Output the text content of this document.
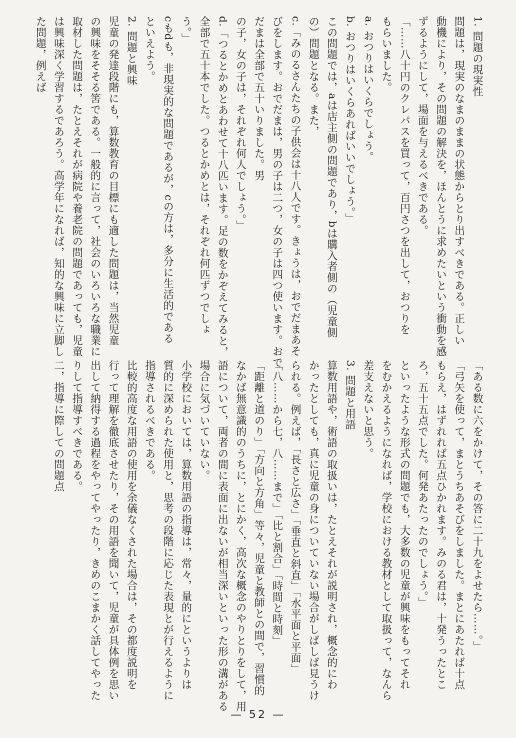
1. 問題の現実性
問題は，現実のなまのままの状態からとり出すべきである。正しい
動機により，その問題の解決を，ほんとうに求めたいという衝動を感
ずるようにして，場面を与えるべきである。
「……八十円のクレパスを買って，百円さつを出して，おつりを
もらいました。
a. おつりはいくらでしょう。
b. おつりはいくらあればいいでしょう。」
この問題では，aは店主側の問題であり，bは購入者側の（児童側
の）問題となる。また，
c.「みのるさんたちの子供会は十八人です。きょうは，おでだまあそ
びをします。おでだまは，男の子は二つ，女の子は四つ使います。おで
だまは全部で五十いりました。男
の子，女の子は，それぞれ何人でしょう。」
d.「つるとかめとあわせて十八匹います。足の数をかぞえてみると，
全部で五十本でした。つるとかめとは，それぞれ何匹ずつでしょ
う。」
cもdも，非現実的な問題であるが，cの方は，多分に生活的である
といえよう。
2. 問題と興味
児童の発達段階にも，算数教育の目標にも適した問題は，当然児童
の興味をそそる筈である。一般的に言って，社会のいろいろな職業に
取材した問題は，たとえそれが病院や養老院の問題であっても，児童
は興味深く学習するであろう。高学年になれば，知的な興味に立脚し
た問題，例えば
「ある数に六をかけて，その答に二十九をよせたら……。」
「弓矢を使って，まとうちあそびをしました。まとにあたれば十点
もらえ，はずれれば五点ひかれます。みのる君は，十発うったとこ
ろ，五十五点でした。何発あたったのでしょう。」
といったような形式の問題でも，大多数の児童が興味をもってそれ
をむかえるようになれば，学校における教材として取扱って，なんら
差支えないと思う。
3. 問題と用語
算数用語や，術語の取扱いは，たとえそれが説明され，概念的にわ
かったとしても，真に児童の身についていない場合がしばしば見うけ
られる。例えば，「長さと広さ」「垂直と斜直」「水平面と平面」
「八……から七，八……まで」「比と割合」「時間と時刻」
「距離と道のり」「方向と方角」等々，児童と教師との間で，習慣的
なかば無意識的のうちに，とにかく，高次な概念のやりとりをして，用
語について，両者の間に表面に出ないが相当深いといった形の溝がある
場合に気づいていない。
小学校においては，算数用語の指導は，常々，量的にというよりは
質的に深められた使用と，思考の段階に応じた表現とが行えるように
指導されるべきである。
比較的高度な用語の使用を余儀なくされた場合は，その都度説明を
行って理解を徹底させたり，その用語を聞いて，児童が具体例を思い
出して納得する過程をやってやったり，きめのこまかく話してやった
りして指導すべきである。
二，指導に際しての問題点
— 52 —
